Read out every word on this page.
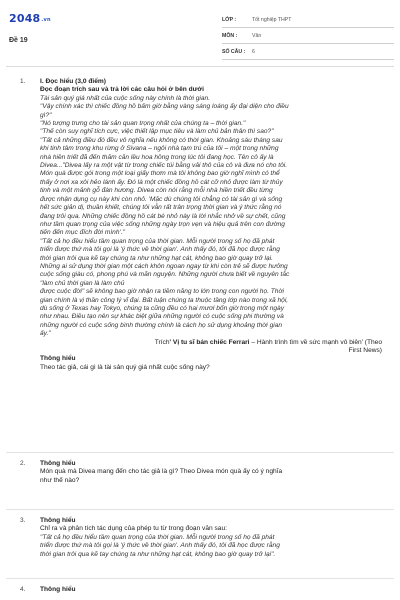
2048.vn
Đề 19
LỚP :	Tốt nghiệp THPT
MÔN :	Văn
SỐ CÂU :	6
1. I. Đọc hiểu (3,0 điểm)
Đọc đoạn trích sau và trả lời các câu hỏi ở bên dưới
Tài sản quý giá nhất của cuộc sống này chính là thời gian.
"Vậy chính xác thì chiếc đồng hồ bấm giờ bằng vàng sáng loáng ấy đại diện cho điều
gì?"
"Nó tượng trưng cho tài sản quan trọng nhất của chúng ta – thời gian."
"Thế còn suy nghĩ tích cực, việc thiết lập mục tiêu và làm chủ bản thân thì sao?"
"Tất cả những điều đó đều vô nghĩa nếu không có thời gian. Khoảng sáu tháng sau
khi tinh tâm trong khu rừng ở Sivana – ngôi nhà tạm trú của tôi – một trong những
nhà hiền triết đã đến thăm căn lều hoa hồng trong lúc tôi đang học. Tên cô ấy là
Divea..."Divea lấy ra một vật từ trong chiếc túi bằng vải thô của cô và đưa nó cho tôi.
Món quà được gói trong một loại giấy thơm mà tôi không bao giờ nghĩ mình có thể
thấy ở nơi xa xôi hẻo lánh ấy. Đó là một chiếc đồng hồ cát cỡ nhỏ được làm từ thủy
tinh và một mảnh gỗ đàn hương. Divea còn nói rằng mỗi nhà hiền triết đều từng
được nhận dụng cụ này khi còn nhỏ. 'Mặc dù chúng tôi chẳng có tài sản gì và sống
hết sức giản dị, thuần khiết, chúng tôi vẫn rất trân trọng thời gian và ý thức rằng nó
đang trôi qua. Những chiếc đồng hồ cát bé nhỏ này là lời nhắc nhở về sự chết, cũng
như tầm quan trọng của việc sống những ngày trọn vẹn và hiệu quả trên con đường
tiến đến mục đích đời mình'."
"Tất cả họ đều hiểu tầm quan trọng của thời gian. Mỗi người trong số họ đã phát
triển được thứ mà tôi gọi là 'ý thức về thời gian'. Anh thấy đó, tôi đã học được rằng
thời gian trôi qua kẽ tay chúng ta như những hạt cát, không bao giờ quay trở lại.
Những ai sử dụng thời gian một cách khôn ngoan ngay từ khi còn trẻ sẽ được hưởng
cuộc sống giàu có, phong phú và mãn nguyện. Những người chưa biết về nguyên tắc
"làm chủ thời gian là làm chủ
được cuộc đời" sẽ không bao giờ nhận ra tiềm năng to lớn trong con người họ. Thời
gian chính là vị thần công lý vĩ đại. Bất luận chúng ta thuộc tầng lớp nào trong xã hội,
dù sống ở Texas hay Tokyo, chúng ta cũng đều có hai mươi bốn giờ trong một ngày
như nhau. Điều tạo nên sự khác biệt giữa những người có cuộc sống phi thường và
những người có cuộc sống bình thường chính là cách họ sử dụng khoảng thời gian
ấy."
Trích' Vị tu sĩ bán chiếc Ferrari – Hành trình tìm về sức mạnh vô biên' (Theo
First News)
Thông hiểu
Theo tác giả, cái gì là tài sản quý giá nhất cuộc sống này?
2. Thông hiểu
Món quà mà Divea mang đến cho tác giả là gì? Theo Divea món quà ấy có ý nghĩa
như thế nào?
3. Thông hiểu
Chỉ ra và phân tích tác dụng của phép tu từ trong đoạn văn sau:
"Tất cả họ đều hiểu tầm quan trọng của thời gian. Mỗi người trong số họ đã phát
triển được thứ mà tôi gọi là 'ý thức về thời gian'. Anh thấy đó, tôi đã học được rằng
thời gian trôi qua kẽ tay chúng ta như những hạt cát, không bao giờ quay trở lại".
4. Thông hiểu
